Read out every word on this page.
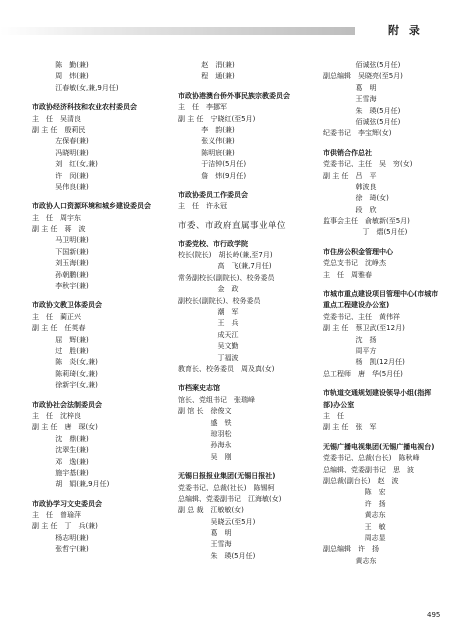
附 录
　　　 陈　勤(兼)
　　　 周　炜(兼)
　　　 江春敏(女,兼,9月任)
市政协经济科技和农业农村委员会
主　任　吴清良
副 主 任　殷莉民
　　　 左保春(兼)
　　　 冯晓明(兼)
　　　 刘　红(女,兼)
　　　 许　闵(兼)
　　　 吴伟良(兼)
市政协人口资源环境和城乡建设委员会
主　任　周宇东
副 主 任　蒋　波
　　　 马卫明(兼)
　　　 下国新(兼)
　　　 刘玉海(兼)
　　　 孙朝鹏(兼)
　　　 李秋宇(兼)
市政协文教卫体委员会
主　任　蔺正兴
副 主 任　任英春
　　　 屈　辉(兼)
　　　 过　胜(兼)
　　　 陈　炎(女,兼)
　　　 陈莉琦(女,兼)
　　　 徐新宇(女,兼)
市政协社会法制委员会
主　任　沈梓良
副 主 任　唐　琛(女)
　　　 沈　鼎(兼)
　　　 沈翠生(兼)
　　　 邓　逸(兼)
　　　 施宇基(兼)
　　　 胡　娟(兼,9月任)
市政协学习文史委员会
主　任　曾瑜萍
副 主 任　丁　兵(兼)
　　　 杨志明(兼)
　　　 张哲宁(兼)
　　　 赵　涓(兼)
　　　 程　通(兼)
市政协港澳台侨外事民族宗教委员会
主　任　李挪军
副 主 任　宁晓红(至5月)
　　　 李　韵(兼)
　　　 张义伟(兼)
　　　 陈明宸(兼)
　　　 于洁钟(5月任)
　　　 詹　炜(9月任)
市政协委员工作委员会
主　任　许永冠
市委、市政府直属事业单位
市委党校、市行政学院
校长(院长)　胡长岭(兼,至7月)
　　　 　　 高　飞(兼,7月任)
常务副校长(副院长)、校务委员
　　　 　　 金　政
副校长(副院长)、校务委员
　　　 　　 潮　军
　　　 　　 王　兵
　　　 　　 成天江
　　　 　　 吴文勤
　　　 　　 丁福波
教育长、校务委员　周及真(女)
市档案史志馆
馆长、党组书记　张瑞峰
副 馆 长　徐俊文
　　　 　 盛　铁
　　　 　 琼羽松
　　　 　 孙海永
　　　 　 吴　刚
无锡日报报业集团(无锡日报社)
党委书记、总裁(社长)　陈锡柯
总编辑、党委副书记　江海敏(女)
副 总 裁　江敏敏(女)
　　　 　 吴晓云(至5月)
　　　 　 葛　明
　　　 　 王雪海
　　　 　 朱　瑛(5月任)
　　　 　 佰诚弦(5月任)
副总编辑　吴晓亮(至5月)
　　　 　 葛　明
　　　 　 王雪海
　　　 　 朱　瑛(5月任)
　　　 　 佰诚弦(5月任)
纪委书记　李宝辉(女)
市供销合作总社
党委书记、主任　吴　穷(女)
副 主 任　吕　平
　　　 　 韩波良
　　　 　 徐　琦(女)
　　　 　 段　欣
监事会主任　俞敏新(至5月)
　　　 　 　丁　熠(5月任)
市住房公积金管理中心
党总支书记　沈峥杰
主　任　周雅春
市城市重点建设项目管理中心(市城市重点工程建设办公室)
党委书记、主任　黄伟祥
副 主 任　蔡卫武(至12月)
　　　 　 沈　扬
　　　 　 周平方
　　　 　 杨　凯(12月任)
总工程师　唐　华(5月任)
市轨道交通规划建设领导小组(指挥部)办公室
主　任
副 主 任　张　军
无锡广播电视集团(无锡广播电视台)
党委书记、总裁(台长)　陈秋峰
总编辑、党委副书记　思　波
副总裁(副台长)　赵　波
　　　 　 　 陈　宏
　　　 　 　 许　扬
　　　 　 　 黄志东
　　　 　 　 王　敏
　　　 　 　 周志显
副总编辑　许　扬
　　　 　 黄志东
495
